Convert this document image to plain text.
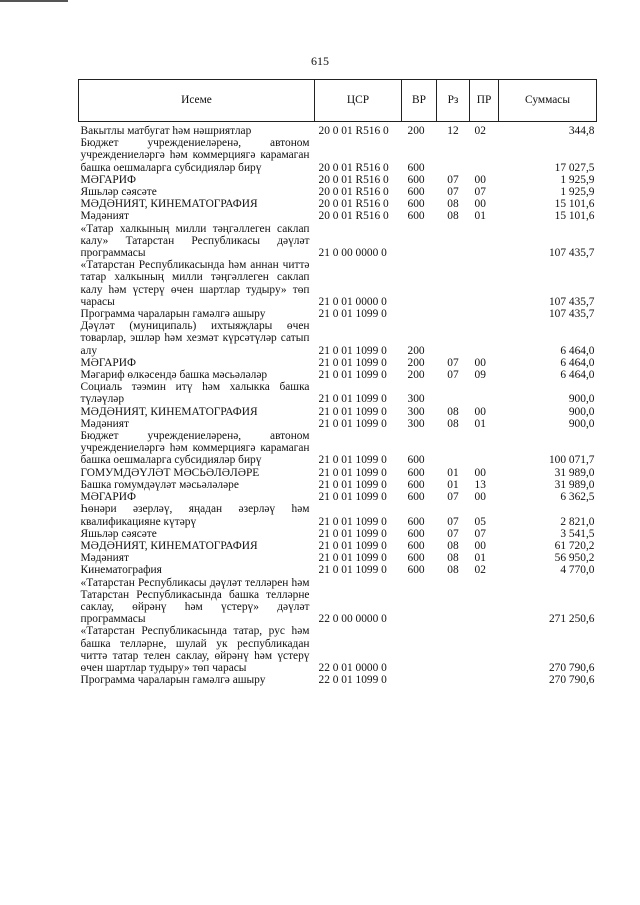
615
Исеме	ЦСР	ВР	Рз	ПР	Суммасы
Вакытлы матбугат һәм нәшриятлар	20 0 01 R516 0	200	12	02	344,8
Бюджет учреждениеләренә, автоном учреждениеләргә һәм коммерциягә карамаган башка оешмаларга субсидияләр бирү	20 0 01 R516 0	600			17 027,5
МӘГАРИФ	20 0 01 R516 0	600	07	00	1 925,9
Яшьләр сәясәте	20 0 01 R516 0	600	07	07	1 925,9
МӘДӘНИЯТ, КИНЕМАТОГРАФИЯ	20 0 01 R516 0	600	08	00	15 101,6
Мәдәният	20 0 01 R516 0	600	08	01	15 101,6
«Татар халкының милли тәңгәллеген саклап калу» Татарстан Республикасы дәүләт программасы	21 0 00 0000 0				107 435,7
«Татарстан Республикасында һәм аннан читтә татар халкының милли тәңгәллеген саклап калу һәм үстерү өчен шартлар тудыру» төп чарасы	21 0 01 0000 0				107 435,7
Программа чараларын гамәлгә ашыру	21 0 01 1099 0				107 435,7
Дәүләт (муниципаль) ихтыяҗлары өчен товарлар, эшләр һәм хезмәт күрсәтүләр сатып алу	21 0 01 1099 0	200			6 464,0
МӘГАРИФ	21 0 01 1099 0	200	07	00	6 464,0
Мәгариф өлкәсендә башка мәсьәләләр	21 0 01 1099 0	200	07	09	6 464,0
Социаль тәэмин итү һәм халыкка башка түләүләр	21 0 01 1099 0	300			900,0
МӘДӘНИЯТ, КИНЕМАТОГРАФИЯ	21 0 01 1099 0	300	08	00	900,0
Мәдәният	21 0 01 1099 0	300	08	01	900,0
Бюджет учреждениеләренә, автоном учреждениеләргә һәм коммерциягә карамаган башка оешмаларга субсидияләр бирү	21 0 01 1099 0	600			100 071,7
ГОМУМДӘҮЛӘТ МӘСЬӘЛӘЛӘРЕ	21 0 01 1099 0	600	01	00	31 989,0
Башка гомумдәүләт мәсьәләләре	21 0 01 1099 0	600	01	13	31 989,0
МӘГАРИФ	21 0 01 1099 0	600	07	00	6 362,5
Һөнәри әзерләү, яңадан әзерләү һәм квалификацияне күтәрү	21 0 01 1099 0	600	07	05	2 821,0
Яшьләр сәясәте	21 0 01 1099 0	600	07	07	3 541,5
МӘДӘНИЯТ, КИНЕМАТОГРАФИЯ	21 0 01 1099 0	600	08	00	61 720,2
Мәдәният	21 0 01 1099 0	600	08	01	56 950,2
Кинематография	21 0 01 1099 0	600	08	02	4 770,0
«Татарстан Республикасы дәүләт телләрен һәм Татарстан Республикасында башка телләрне саклау, өйрәнү һәм үстерү» дәүләт программасы	22 0 00 0000 0				271 250,6
«Татарстан Республикасында татар, рус һәм башка телләрне, шулай ук республикадан читтә татар телен саклау, өйрәнү һәм үстерү өчен шартлар тудыру» төп чарасы	22 0 01 0000 0				270 790,6
Программа чараларын гамәлгә ашыру	22 0 01 1099 0				270 790,6
